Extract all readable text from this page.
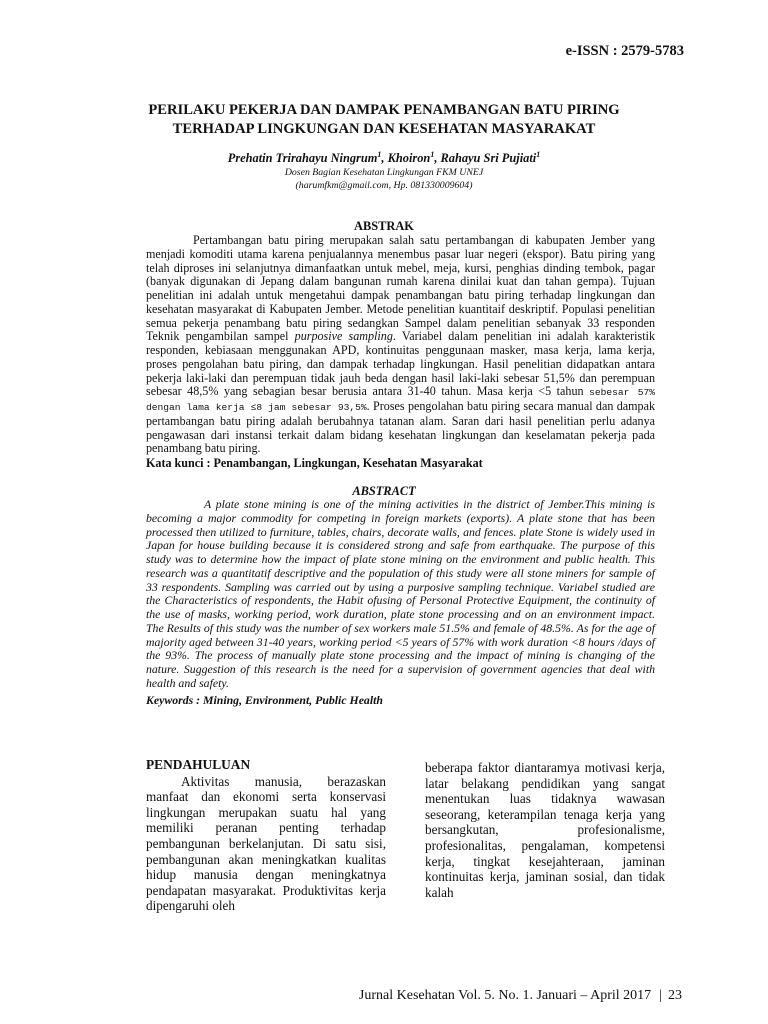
e-ISSN : 2579-5783
PERILAKU PEKERJA DAN DAMPAK PENAMBANGAN BATU PIRING
TERHADAP LINGKUNGAN DAN KESEHATAN MASYARAKAT
Prehatin Trirahayu Ningrum$^1$, Khoiron$^1$, Rahayu Sri Pujiati$^1$
Dosen Bagian Kesehatan Lingkungan FKM UNEJ
(harumfkm@gmail.com, Hp. 081330009604)
ABSTRAK

Pertambangan batu piring merupakan salah satu pertambangan di kabupaten Jember yang menjadi komoditi utama karena penjualannya menembus pasar luar negeri (ekspor). Batu piring yang telah diproses ini selanjutnya dimanfaatkan untuk mebel, meja, kursi, penghias dinding tembok, pagar (banyak digunakan di Jepang dalam bangunan rumah karena dinilai kuat dan tahan gempa). Tujuan penelitian ini adalah untuk mengetahui dampak penambangan batu piring terhadap lingkungan dan kesehatan masyarakat di Kabupaten Jember. Metode penelitian kuantitaif deskriptif. Populasi penelitian semua pekerja penambang batu piring sedangkan Sampel dalam penelitian sebanyak 33 responden Teknik pengambilan sampel purposive sampling. Variabel dalam penelitian ini adalah karakteristik responden, kebiasaan menggunakan APD, kontinuitas penggunaan masker, masa kerja, lama kerja, proses pengolahan batu piring, dan dampak terhadap lingkungan. Hasil penelitian didapatkan antara pekerja laki-laki dan perempuan tidak jauh beda dengan hasil laki-laki sebesar 51,5% dan perempuan sebesar 48,5% yang sebagian besar berusia antara 31-40 tahun. Masa kerja <5 tahun sebesar 57% dengan lama kerja ≤8 jam sebesar 93,5%. Proses pengolahan batu piring secara manual dan dampak pertambangan batu piring adalah berubahnya tatanan alam. Saran dari hasil penelitian perlu adanya pengawasan dari instansi terkait dalam bidang kesehatan lingkungan dan keselamatan pekerja pada penambang batu piring.

Kata kunci : Penambangan, Lingkungan, Kesehatan Masyarakat
ABSTRACT

A plate stone mining is one of the mining activities in the district of Jember.This mining is becoming a major commodity for competing in foreign markets (exports). A plate stone that has been processed then utilized to furniture, tables, chairs, decorate walls, and fences. plate Stone is widely used in Japan for house building because it is considered strong and safe from earthquake. The purpose of this study was to determine how the impact of plate stone mining on the environment and public health. This research was a quantitatif descriptive and the population of this study were all stone miners for sample of 33 respondents. Sampling was carried out by using a purposive sampling technique. Variabel studied are the Characteristics of respondents, the Habit ofusing of Personal Protective Equipment, the continuity of the use of masks, working period, work duration, plate stone processing and on an environment impact. The Results of this study was the number of sex workers male 51.5% and female of 48.5%. As for the age of majority aged between 31-40 years, working period <5 years of 57% with work duration <8 hours /days of the 93%. The process of manually plate stone processing and the impact of mining is changing of the nature. Suggestion of this research is the need for a supervision of government agencies that deal with health and safety.

Keywords : Mining, Environment, Public Health
PENDAHULUAN

Aktivitas manusia, berazaskan manfaat dan ekonomi serta konservasi lingkungan merupakan suatu hal yang memiliki peranan penting terhadap pembangunan berkelanjutan. Di satu sisi, pembangunan akan meningkatkan kualitas hidup manusia dengan meningkatnya pendapatan masyarakat. Produktivitas kerja dipengaruhi oleh

beberapa faktor diantaramya motivasi kerja, latar belakang pendidikan yang sangat menentukan luas tidaknya wawasan seseorang, keterampilan tenaga kerja yang bersangkutan, profesionalisme, profesionalitas, pengalaman, kompetensi kerja, tingkat kesejahteraan, jaminan kontinuitas kerja, jaminan sosial, dan tidak kalah

Jurnal Kesehatan Vol. 5. No. 1. Januari – April 2017 | 23
